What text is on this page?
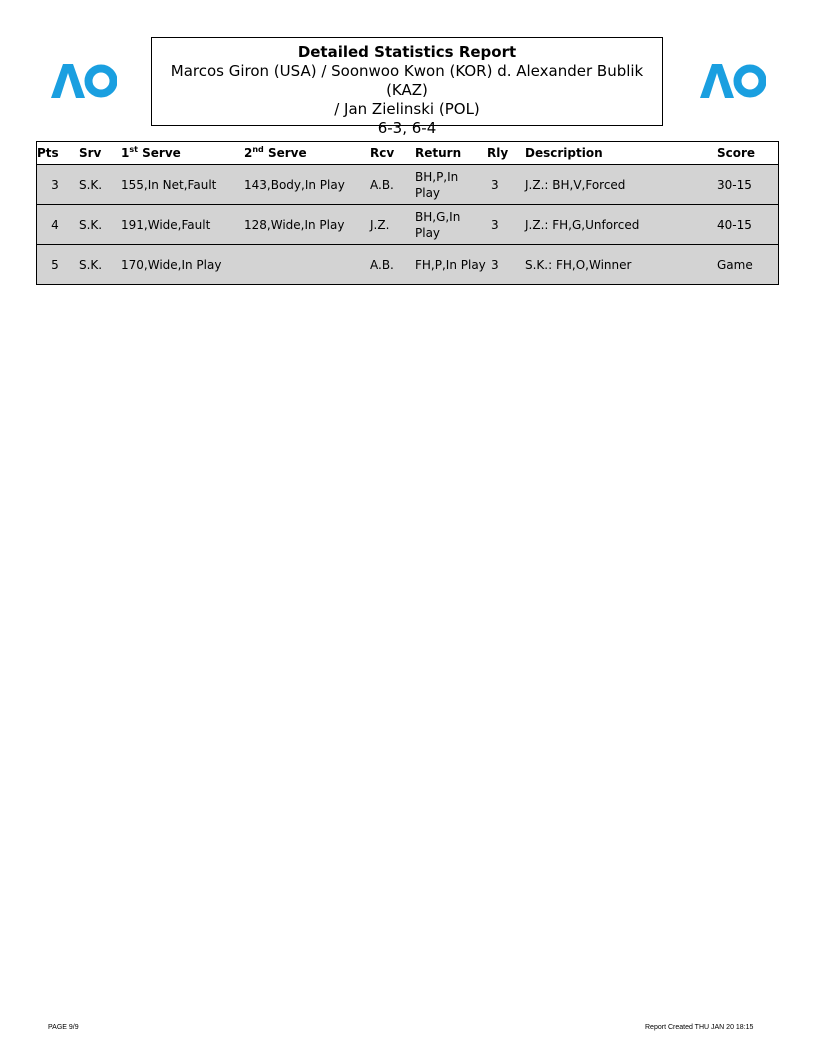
Detailed Statistics Report
Marcos Giron (USA) / Soonwoo Kwon (KOR) d. Alexander Bublik (KAZ)
/ Jan Zielinski (POL)
6-3, 6-4
Pts	Srv	1st Serve	2nd Serve	Rcv	Return	Rly	Description	Score
3	S.K.	155,In Net,Fault	143,Body,In Play	A.B.	BH,P,In Play	3	J.Z.: BH,V,Forced	30-15
4	S.K.	191,Wide,Fault	128,Wide,In Play	J.Z.	BH,G,In Play	3	J.Z.: FH,G,Unforced	40-15
5	S.K.	170,Wide,In Play		A.B.	FH,P,In Play	3	S.K.: FH,O,Winner	Game
PAGE 9/9	Report Created THU JAN 20 18:15
